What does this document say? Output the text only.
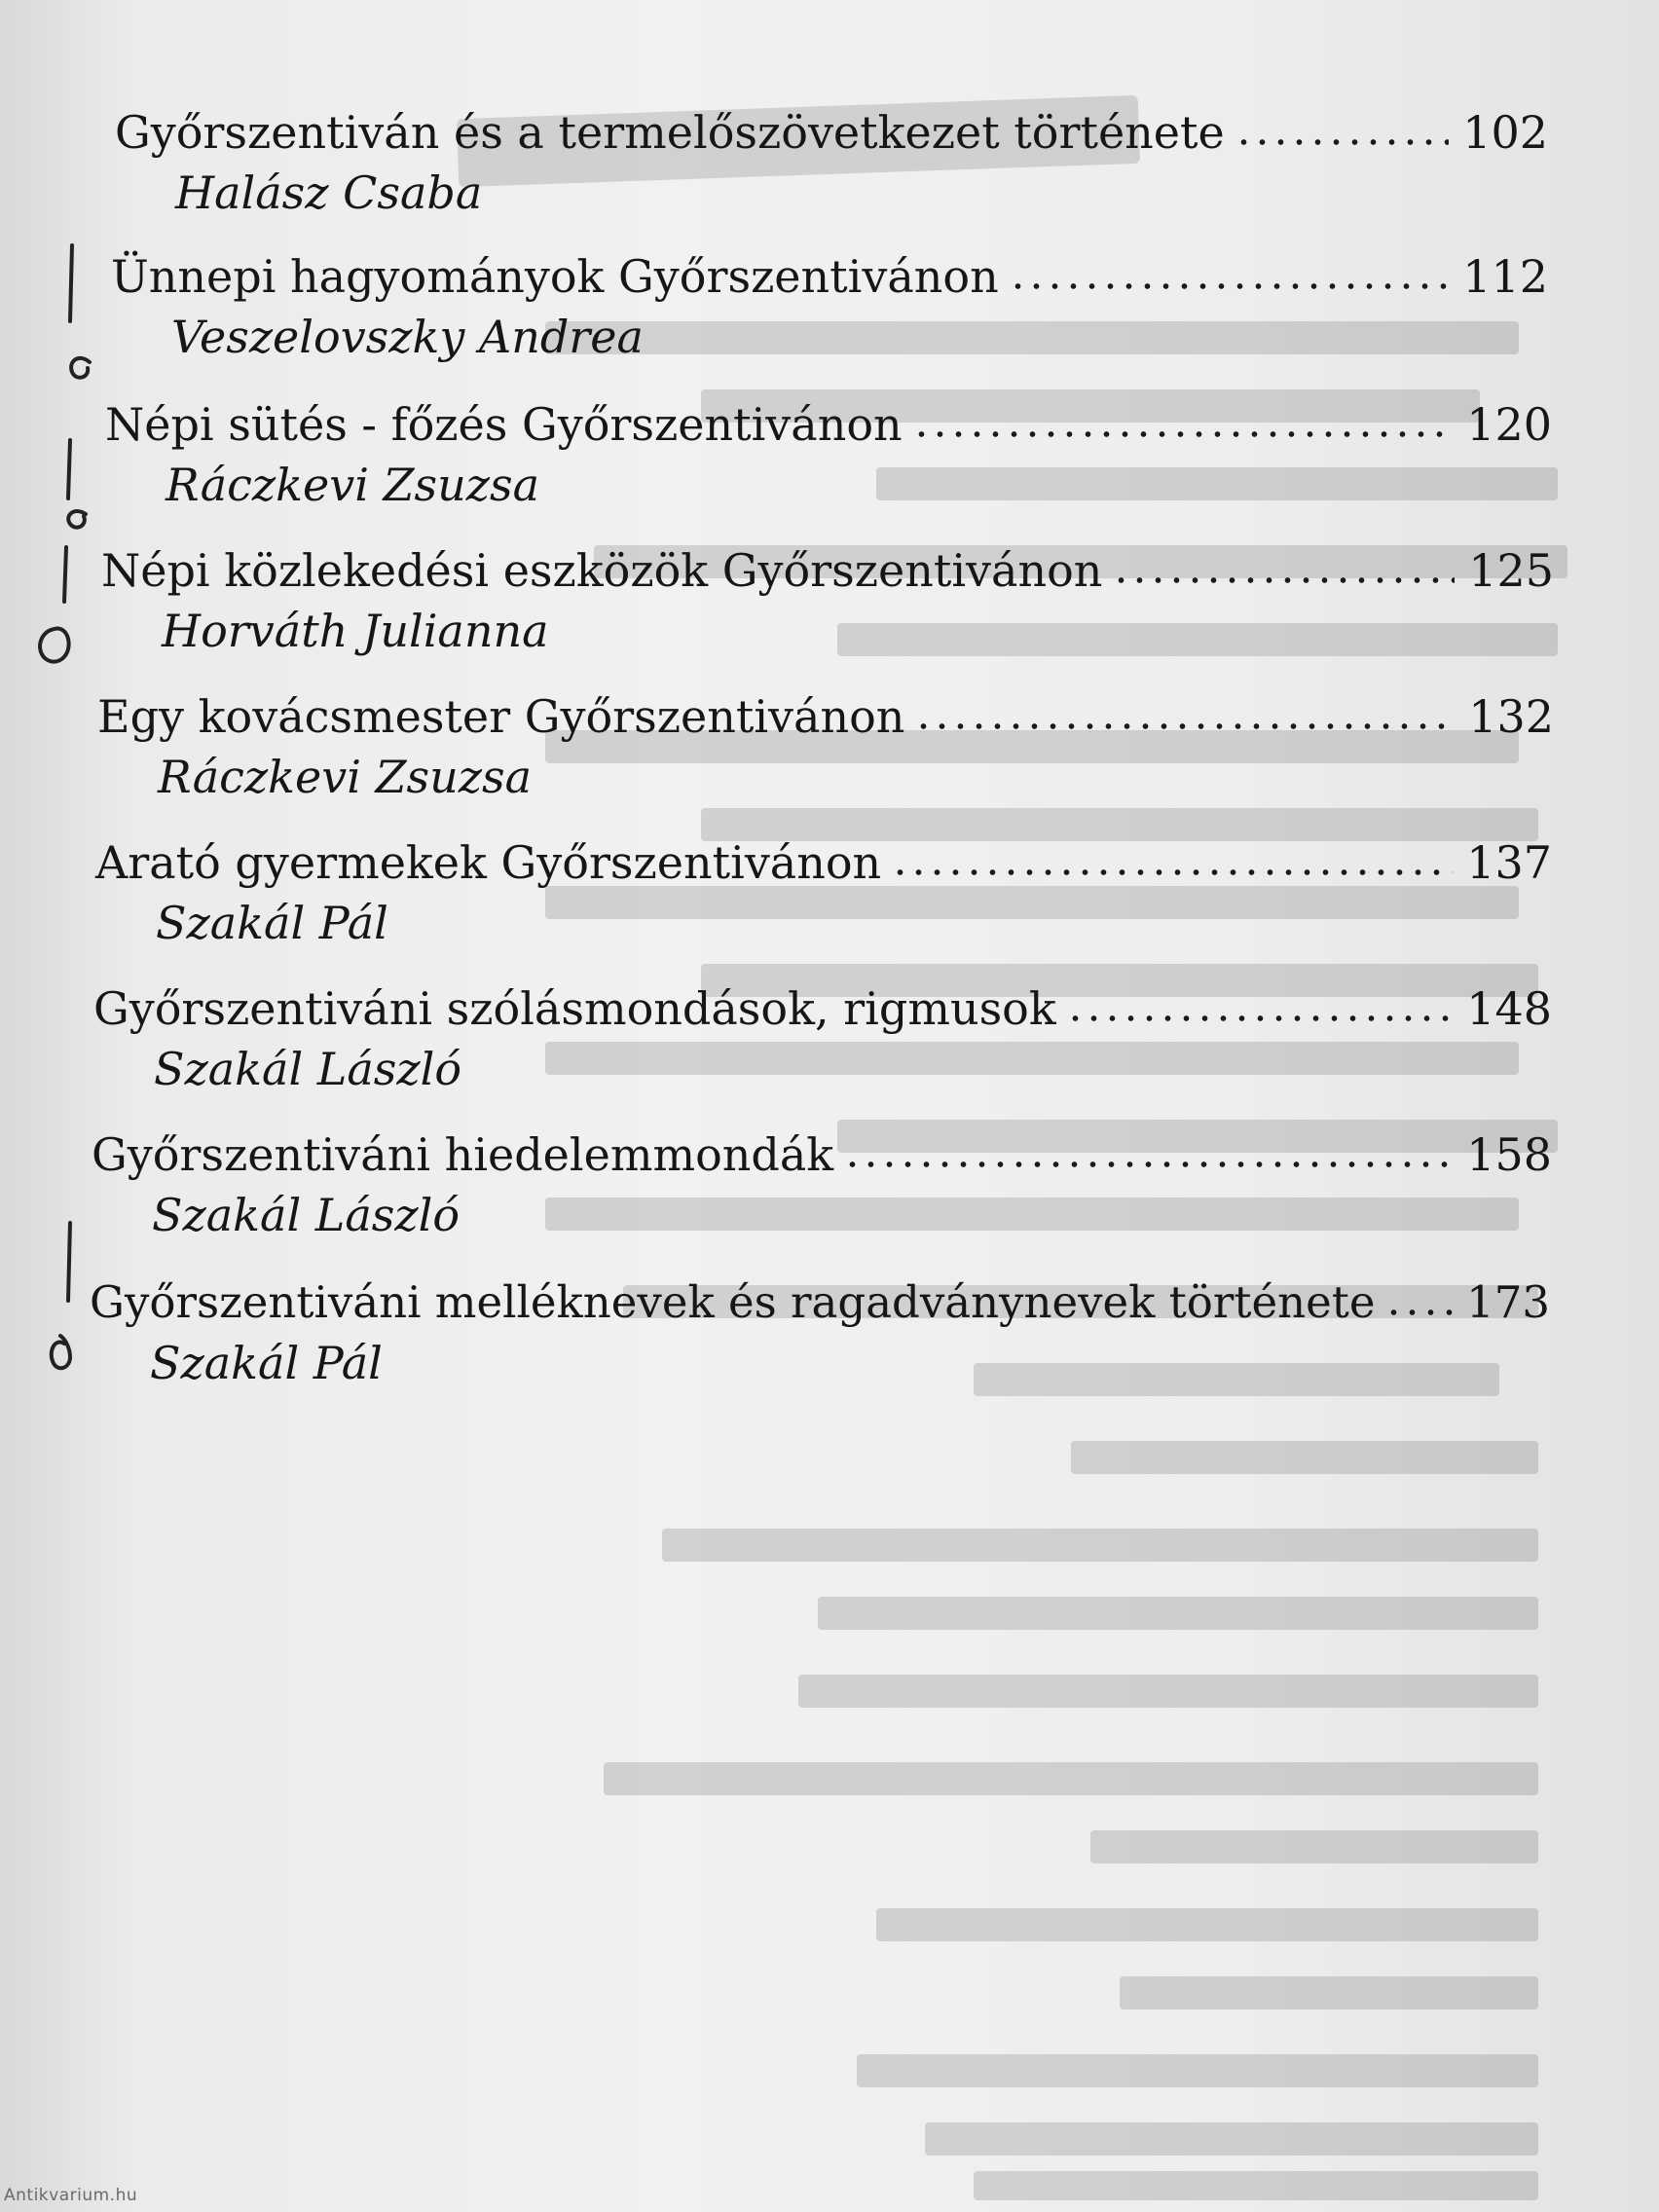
Győrszentiván és a termelőszövetkezet története	102
Halász Csaba
Ünnepi hagyományok Győrszentivánon	112
Veszelovszky Andrea
Népi sütés - főzés Győrszentivánon	120
Ráczkevi Zsuzsa
Népi közlekedési eszközök Győrszentivánon	125
Horváth Julianna
Egy kovácsmester Győrszentivánon	132
Ráczkevi Zsuzsa
Arató gyermekek Győrszentivánon	137
Szakál Pál
Győrszentiváni szólásmondások, rigmusok	148
Szakál László
Győrszentiváni hiedelemmondák	158
Szakál László
Győrszentiváni melléknevek és ragadványnevek története	173
Szakál Pál
Antikvarium.hu
